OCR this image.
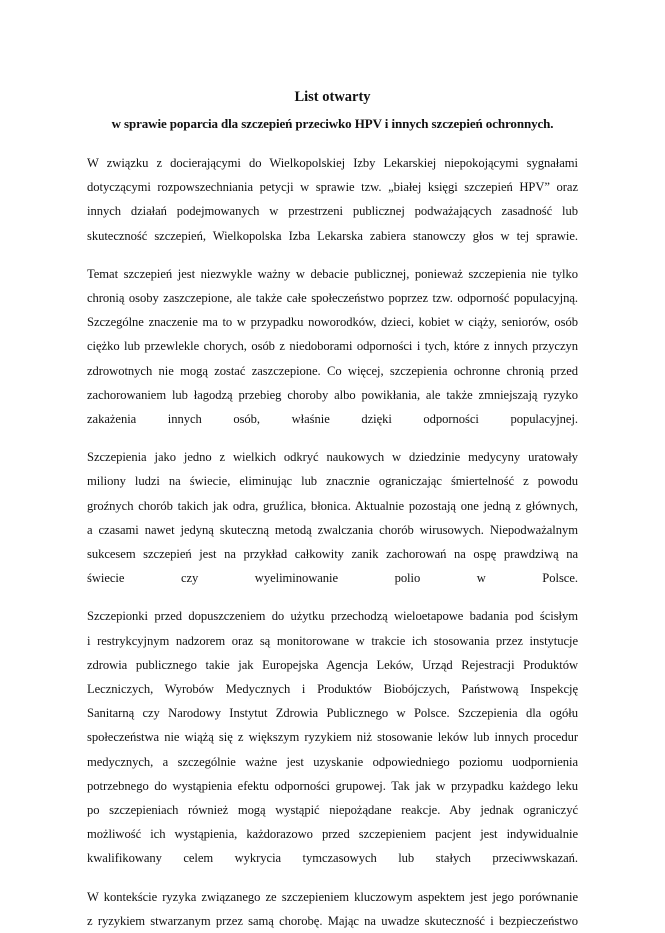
List otwarty
w sprawie poparcia dla szczepień przeciwko HPV i innych szczepień ochronnych.

W związku z docierającymi do Wielkopolskiej Izby Lekarskiej niepokojącymi sygnałami
dotyczącymi rozpowszechniania petycji w sprawie tzw. „białej księgi szczepień HPV” oraz
innych działań podejmowanych w przestrzeni publicznej podważających zasadność lub
skuteczność szczepień, Wielkopolska Izba Lekarska zabiera stanowczy głos w tej sprawie.

Temat szczepień jest niezwykle ważny w debacie publicznej, ponieważ szczepienia nie tylko
chronią osoby zaszczepione, ale także całe społeczeństwo poprzez tzw. odporność populacyjną.
Szczególne znaczenie ma to w przypadku noworodków, dzieci, kobiet w ciąży, seniorów, osób
ciężko lub przewlekle chorych, osób z niedoborami odporności i tych, które z innych przyczyn
zdrowotnych nie mogą zostać zaszczepione. Co więcej, szczepienia ochronne chronią przed
zachorowaniem lub łagodzą przebieg choroby albo powikłania, ale także zmniejszają ryzyko
zakażenia innych osób, właśnie dzięki odporności populacyjnej.

Szczepienia jako jedno z wielkich odkryć naukowych w dziedzinie medycyny uratowały
miliony ludzi na świecie, eliminując lub znacznie ograniczając śmiertelność z powodu
groźnych chorób takich jak odra, gruźlica, błonica. Aktualnie pozostają one jedną z głównych,
a czasami nawet jedyną skuteczną metodą zwalczania chorób wirusowych. Niepodważalnym
sukcesem szczepień jest na przykład całkowity zanik zachorowań na ospę prawdziwą na
świecie czy wyeliminowanie polio w Polsce.

Szczepionki przed dopuszczeniem do użytku przechodzą wieloetapowe badania pod ścisłym
i restrykcyjnym nadzorem oraz są monitorowane w trakcie ich stosowania przez instytucje
zdrowia publicznego takie jak Europejska Agencja Leków, Urząd Rejestracji Produktów
Leczniczych, Wyrobów Medycznych i Produktów Biobójczych, Państwową Inspekcję
Sanitarną czy Narodowy Instytut Zdrowia Publicznego w Polsce. Szczepienia dla ogółu
społeczeństwa nie wiążą się z większym ryzykiem niż stosowanie leków lub innych procedur
medycznych, a szczególnie ważne jest uzyskanie odpowiedniego poziomu uodpornienia
potrzebnego do wystąpienia efektu odporności grupowej. Tak jak w przypadku każdego leku
po szczepieniach również mogą wystąpić niepożądane reakcje. Aby jednak ograniczyć
możliwość ich wystąpienia, każdorazowo przed szczepieniem pacjent jest indywidualnie
kwalifikowany celem wykrycia tymczasowych lub stałych przeciwwskazań.

W kontekście ryzyka związanego ze szczepieniem kluczowym aspektem jest jego porównanie
z ryzykiem stwarzanym przez samą chorobę. Mając na uwadze skuteczność i bezpieczeństwo
